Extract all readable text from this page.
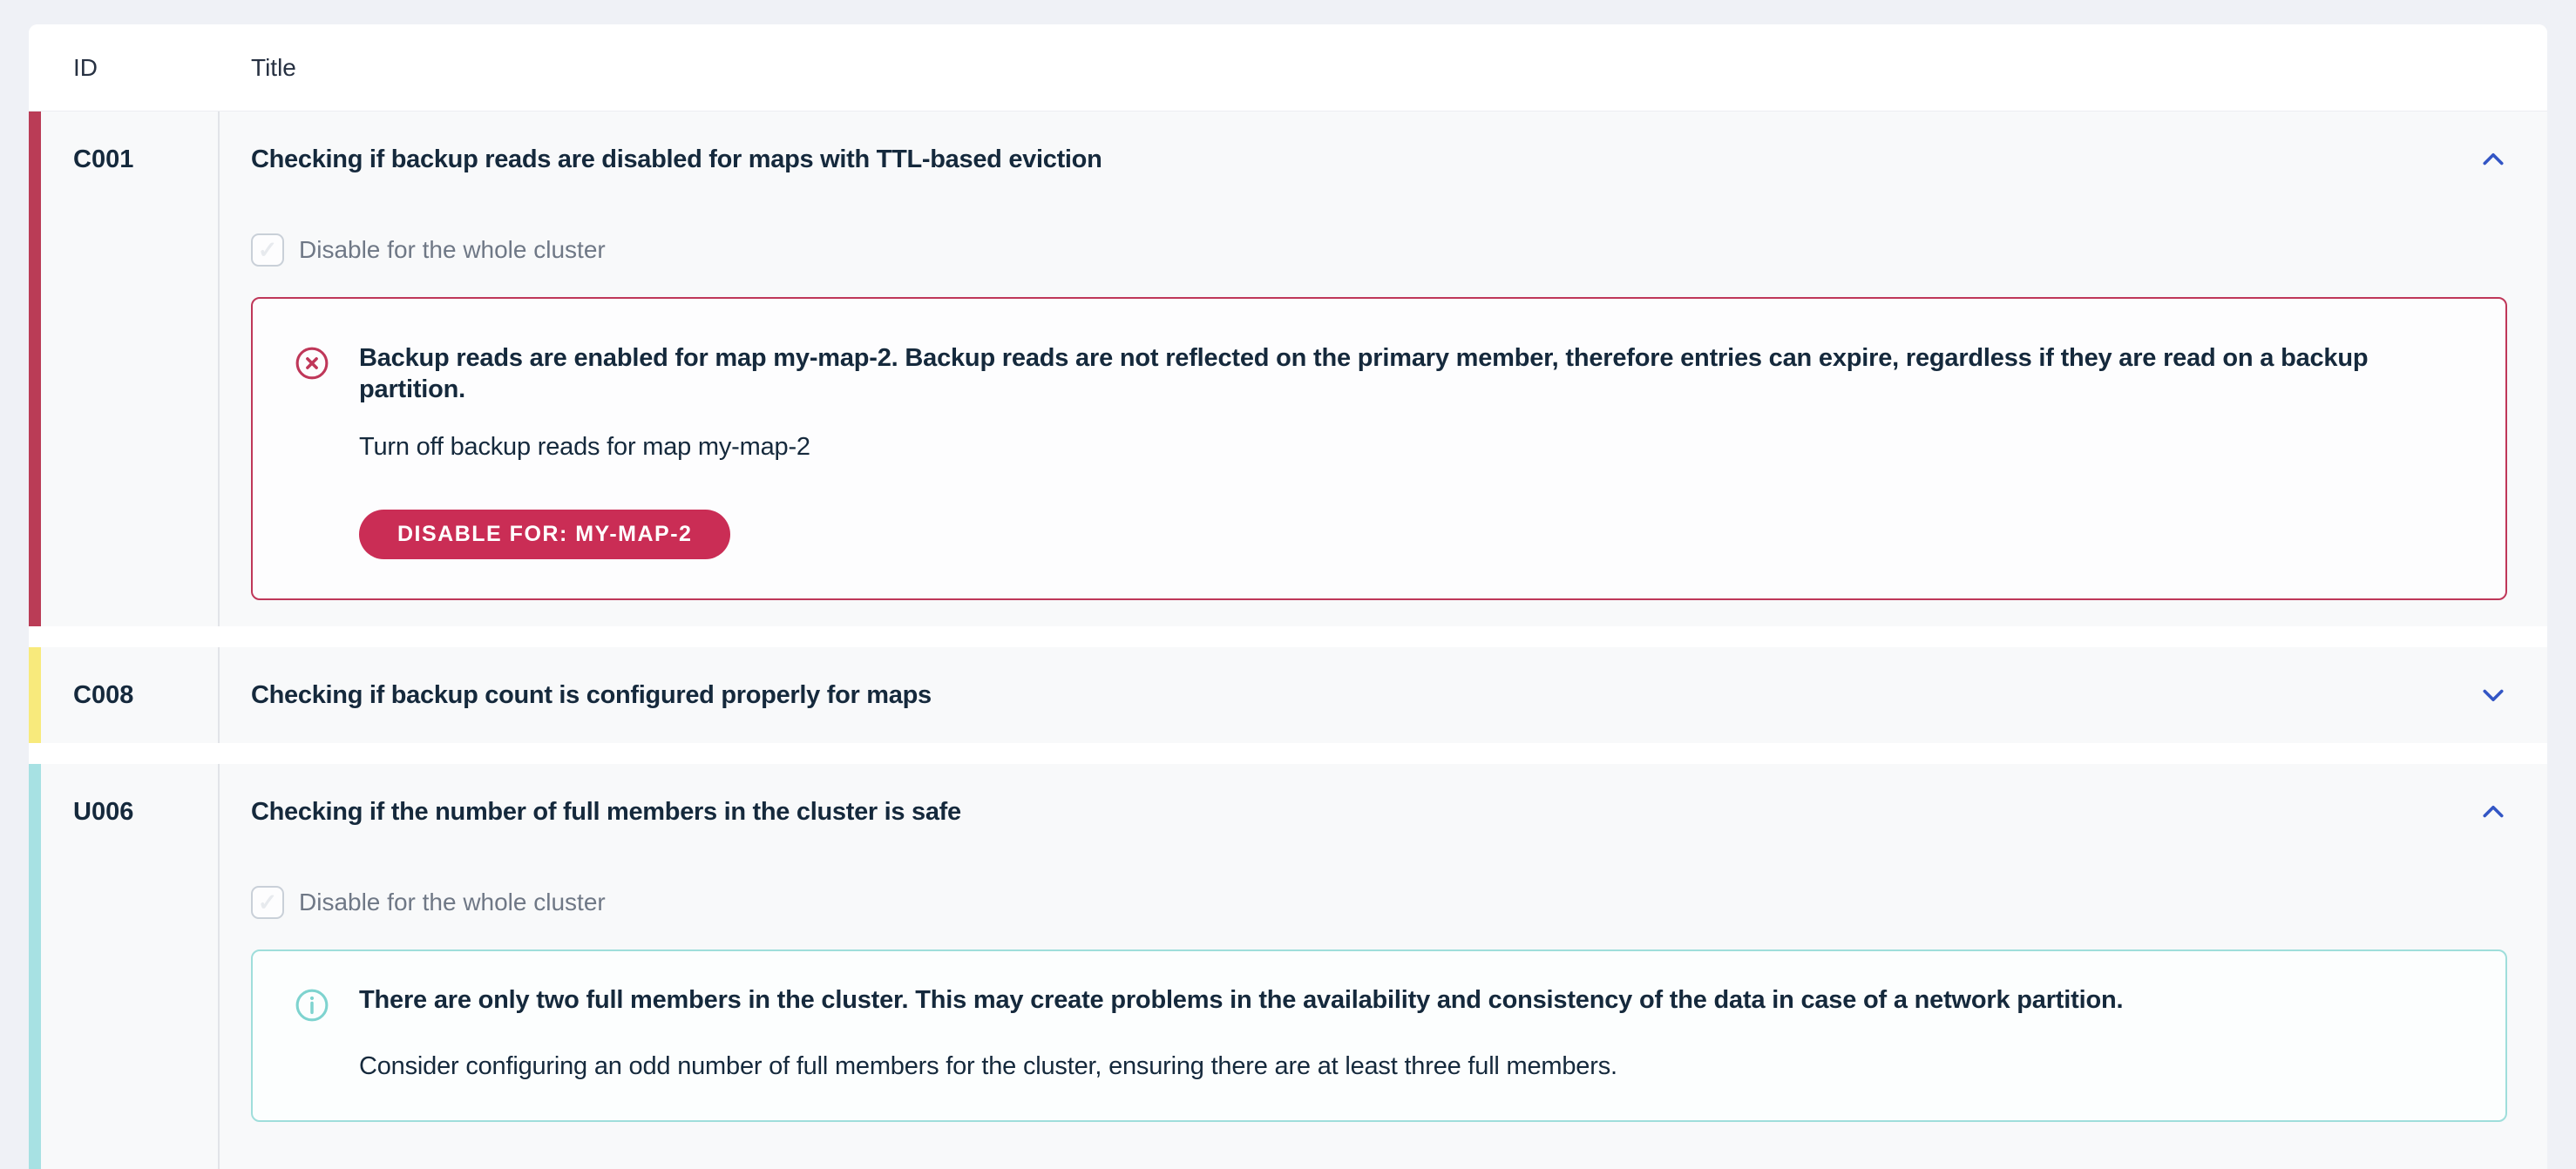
ID	Title
C001	Checking if backup reads are disabled for maps with TTL-based eviction
✓ Disable for the whole cluster
Backup reads are enabled for map my-map-2. Backup reads are not reflected on the primary member, therefore entries can expire, regardless if they are read on a backup partition.
Turn off backup reads for map my-map-2
DISABLE FOR: MY-MAP-2
C008	Checking if backup count is configured properly for maps
U006	Checking if the number of full members in the cluster is safe
✓ Disable for the whole cluster
There are only two full members in the cluster. This may create problems in the availability and consistency of the data in case of a network partition.
Consider configuring an odd number of full members for the cluster, ensuring there are at least three full members.
